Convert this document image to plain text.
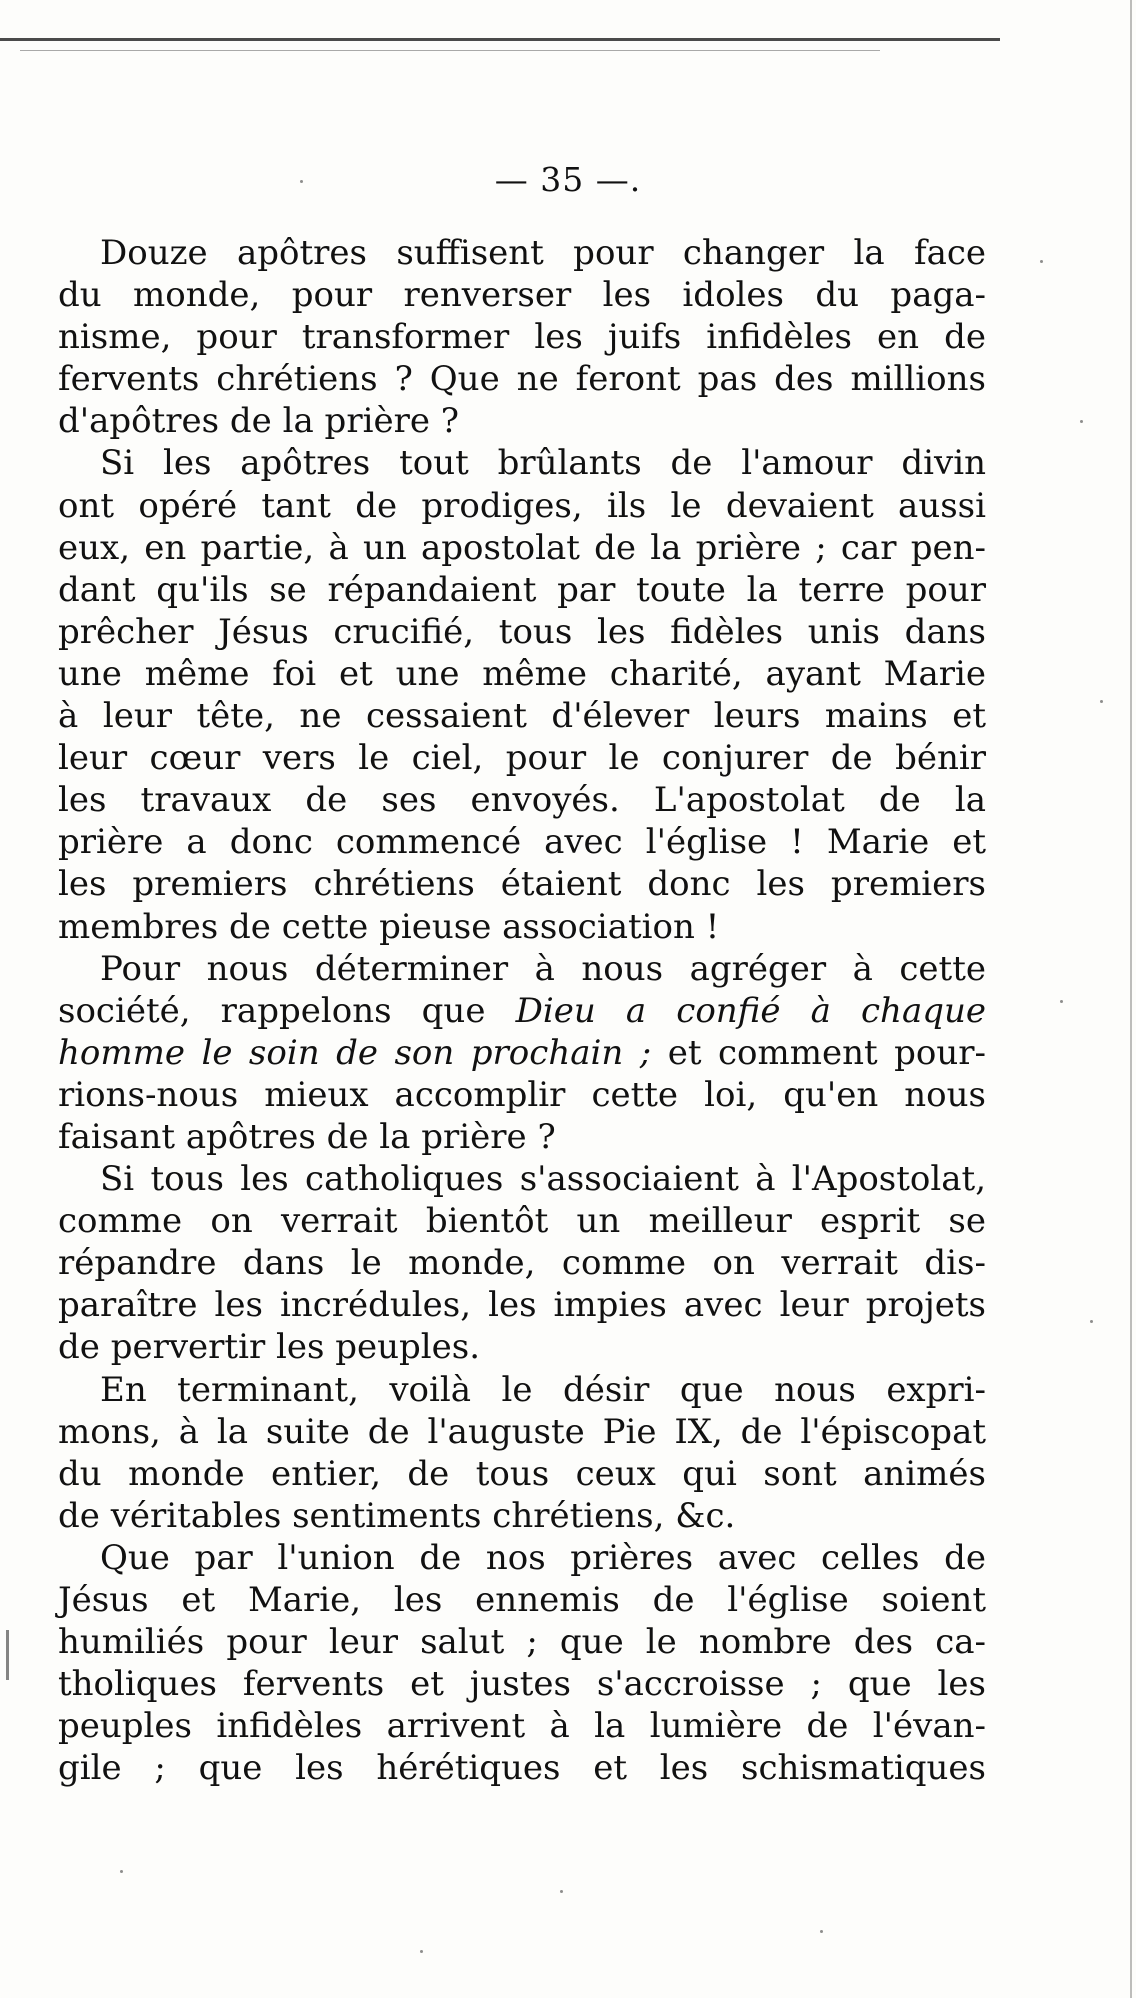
— 35 —.
Douze apôtres suffisent pour changer la face
du monde, pour renverser les idoles du paga-
nisme, pour transformer les juifs infidèles en de
fervents chrétiens ? Que ne feront pas des millions
d'apôtres de la prière ?
Si les apôtres tout brûlants de l'amour divin
ont opéré tant de prodiges, ils le devaient aussi
eux, en partie, à un apostolat de la prière ; car pen-
dant qu'ils se répandaient par toute la terre pour
prêcher Jésus crucifié, tous les fidèles unis dans
une même foi et une même charité, ayant Marie
à leur tête, ne cessaient d'élever leurs mains et
leur cœur vers le ciel, pour le conjurer de bénir
les travaux de ses envoyés. L'apostolat de la
prière a donc commencé avec l'église ! Marie et
les premiers chrétiens étaient donc les premiers
membres de cette pieuse association !
Pour nous déterminer à nous agréger à cette
société, rappelons que Dieu a confié à chaque
homme le soin de son prochain ; et comment pour-
rions-nous mieux accomplir cette loi, qu'en nous
faisant apôtres de la prière ?
Si tous les catholiques s'associaient à l'Apostolat,
comme on verrait bientôt un meilleur esprit se
répandre dans le monde, comme on verrait dis-
paraître les incrédules, les impies avec leur projets
de pervertir les peuples.
En terminant, voilà le désir que nous expri-
mons, à la suite de l'auguste Pie IX, de l'épiscopat
du monde entier, de tous ceux qui sont animés
de véritables sentiments chrétiens, &c.
Que par l'union de nos prières avec celles de
Jésus et Marie, les ennemis de l'église soient
humiliés pour leur salut ; que le nombre des ca-
tholiques fervents et justes s'accroisse ; que les
peuples infidèles arrivent à la lumière de l'évan-
gile ; que les hérétiques et les schismatiques
